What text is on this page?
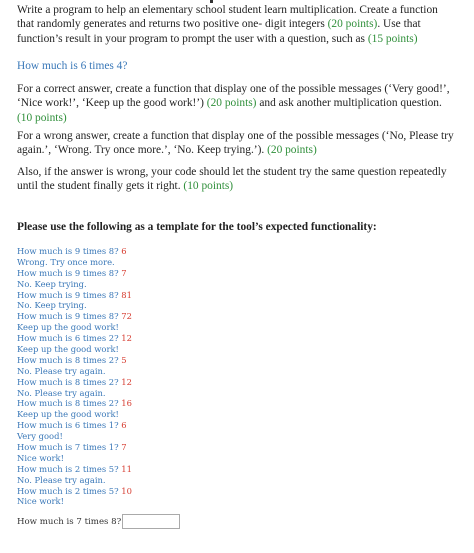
Write a program to help an elementary school student learn multiplication. Create a function that randomly generates and returns two positive one- digit integers (20 points). Use that function’s result in your program to prompt the user with a question, such as (15 points)

How much is 6 times 4?

For a correct answer, create a function that display one of the possible messages (‘Very good!’, ‘Nice work!’, ‘Keep up the good work!’) (20 points) and ask another multiplication question. (10 points)

For a wrong answer, create a function that display one of the possible messages (‘No, Please try again.’, ‘Wrong. Try once more.’, ‘No. Keep trying.’). (20 points)

Also, if the answer is wrong, your code should let the student try the same question repeatedly until the student finally gets it right. (10 points)

Please use the following as a template for the tool’s expected functionality:
How much is 9 times 8? 6
Wrong. Try once more.
How much is 9 times 8? 7
No. Keep trying.
How much is 9 times 8? 81
No. Keep trying.
How much is 9 times 8? 72
Keep up the good work!
How much is 6 times 2? 12
Keep up the good work!
How much is 8 times 2? 5
No. Please try again.
How much is 8 times 2? 12
No. Please try again.
How much is 8 times 2? 16
Keep up the good work!
How much is 6 times 1? 6
Very good!
How much is 7 times 1? 7
Nice work!
How much is 2 times 5? 11
No. Please try again.
How much is 2 times 5? 10
Nice work!
How much is 7 times 8?
